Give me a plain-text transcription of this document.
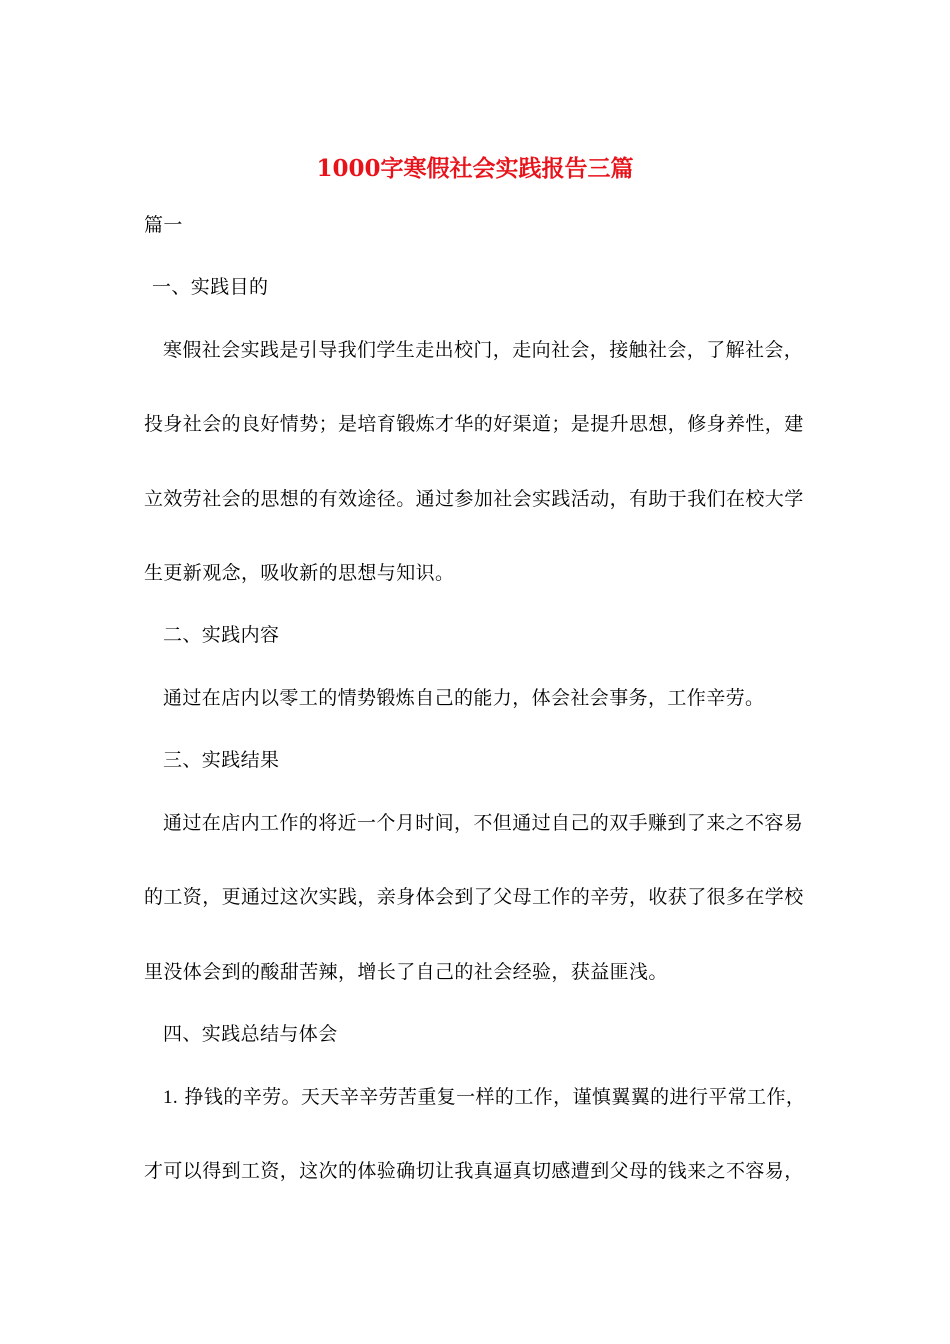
1000字寒假社会实践报告三篇
篇一
一、实践目的
寒假社会实践是引导我们学生走出校门，走向社会，接触社会，了解社会，
投身社会的良好情势；是培育锻炼才华的好渠道；是提升思想，修身养性，建
立效劳社会的思想的有效途径。通过参加社会实践活动，有助于我们在校大学
生更新观念，吸收新的思想与知识。
二、实践内容
通过在店内以零工的情势锻炼自己的能力，体会社会事务，工作辛劳。
三、实践结果
通过在店内工作的将近一个月时间，不但通过自己的双手赚到了来之不容易
的工资，更通过这次实践，亲身体会到了父母工作的辛劳，收获了很多在学校
里没体会到的酸甜苦辣，增长了自己的社会经验，获益匪浅。
四、实践总结与体会
1. 挣钱的辛劳。天天辛辛劳苦重复一样的工作，谨慎翼翼的进行平常工作，
才可以得到工资，这次的体验确切让我真逼真切感遭到父母的钱来之不容易，
